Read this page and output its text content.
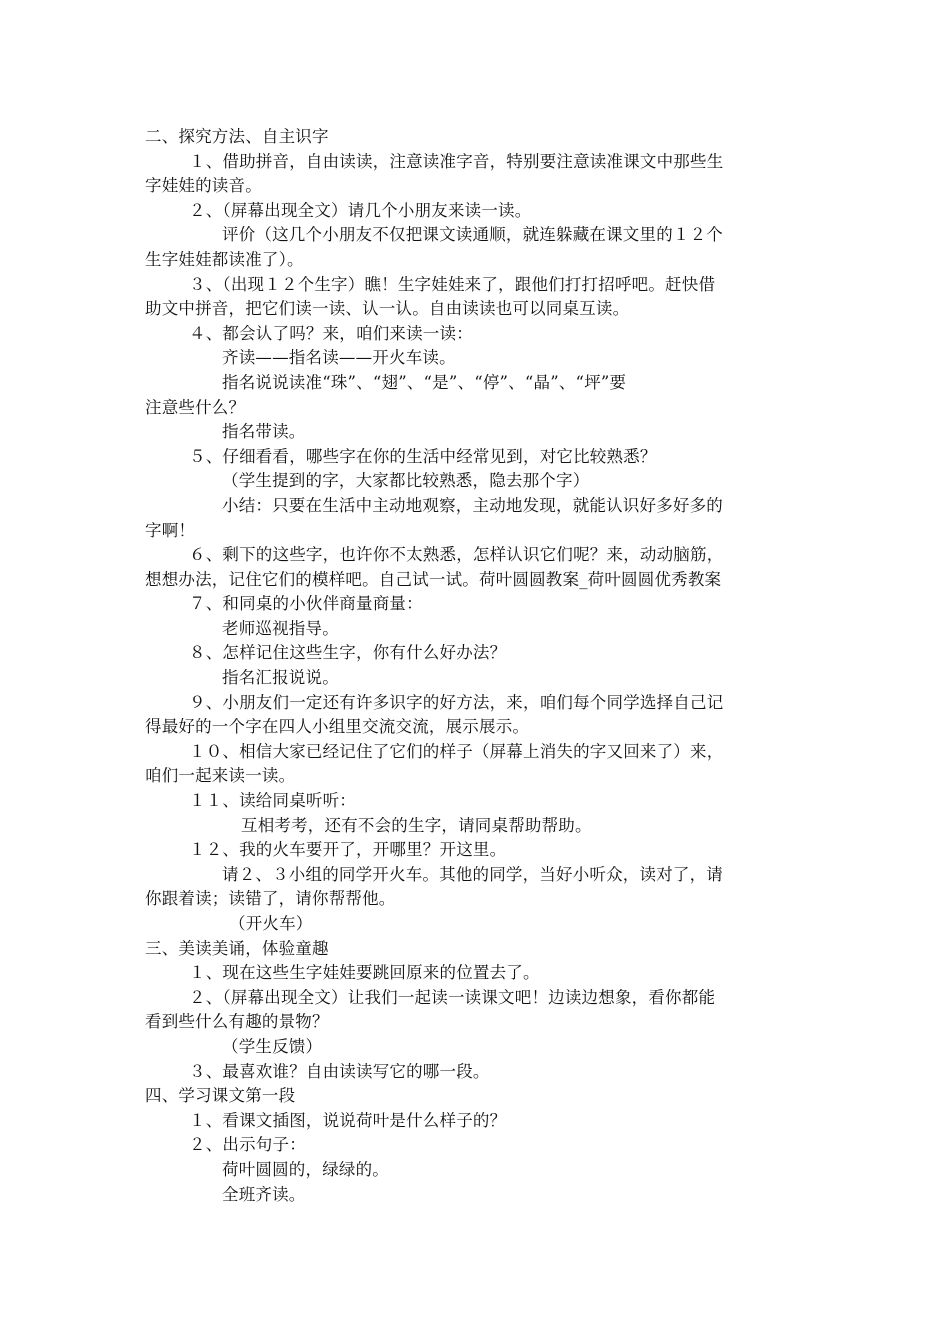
二、探究方法、自主识字
１、借助拼音，自由读读，注意读准字音，特别要注意读准课文中那些生
字娃娃的读音。
２、（屏幕出现全文）请几个小朋友来读一读。
评价（这几个小朋友不仅把课文读通顺，就连躲藏在课文里的１２个
生字娃娃都读准了）。
３、（出现１２个生字）瞧！生字娃娃来了，跟他们打打招呼吧。赶快借
助文中拼音，把它们读一读、认一认。自由读读也可以同桌互读。
４、都会认了吗？来，咱们来读一读：
齐读——指名读——开火车读。
指名说说读准“珠”、“翅”、“是”、“停”、“晶”、“坪”要
注意些什么？
指名带读。
５、仔细看看，哪些字在你的生活中经常见到，对它比较熟悉？
（学生提到的字，大家都比较熟悉，隐去那个字）
小结：只要在生活中主动地观察，主动地发现，就能认识好多好多的
字啊！
６、剩下的这些字，也许你不太熟悉，怎样认识它们呢？来，动动脑筋，
想想办法，记住它们的模样吧。自己试一试。荷叶圆圆教案_荷叶圆圆优秀教案
７、和同桌的小伙伴商量商量：
老师巡视指导。
８、怎样记住这些生字，你有什么好办法？
指名汇报说说。
９、小朋友们一定还有许多识字的好方法，来，咱们每个同学选择自己记
得最好的一个字在四人小组里交流交流，展示展示。
１０、相信大家已经记住了它们的样子（屏幕上消失的字又回来了）来，
咱们一起来读一读。
１１、读给同桌听听：
互相考考，还有不会的生字，请同桌帮助帮助。
１２、我的火车要开了，开哪里？开这里。
请２、３小组的同学开火车。其他的同学，当好小听众，读对了，请
你跟着读；读错了，请你帮帮他。
（开火车）
三、美读美诵，体验童趣
１、现在这些生字娃娃要跳回原来的位置去了。
２、（屏幕出现全文）让我们一起读一读课文吧！边读边想象，看你都能
看到些什么有趣的景物？
（学生反馈）
３、最喜欢谁？自由读读写它的哪一段。
四、学习课文第一段
１、看课文插图，说说荷叶是什么样子的？
２、出示句子：
荷叶圆圆的，绿绿的。
全班齐读。
